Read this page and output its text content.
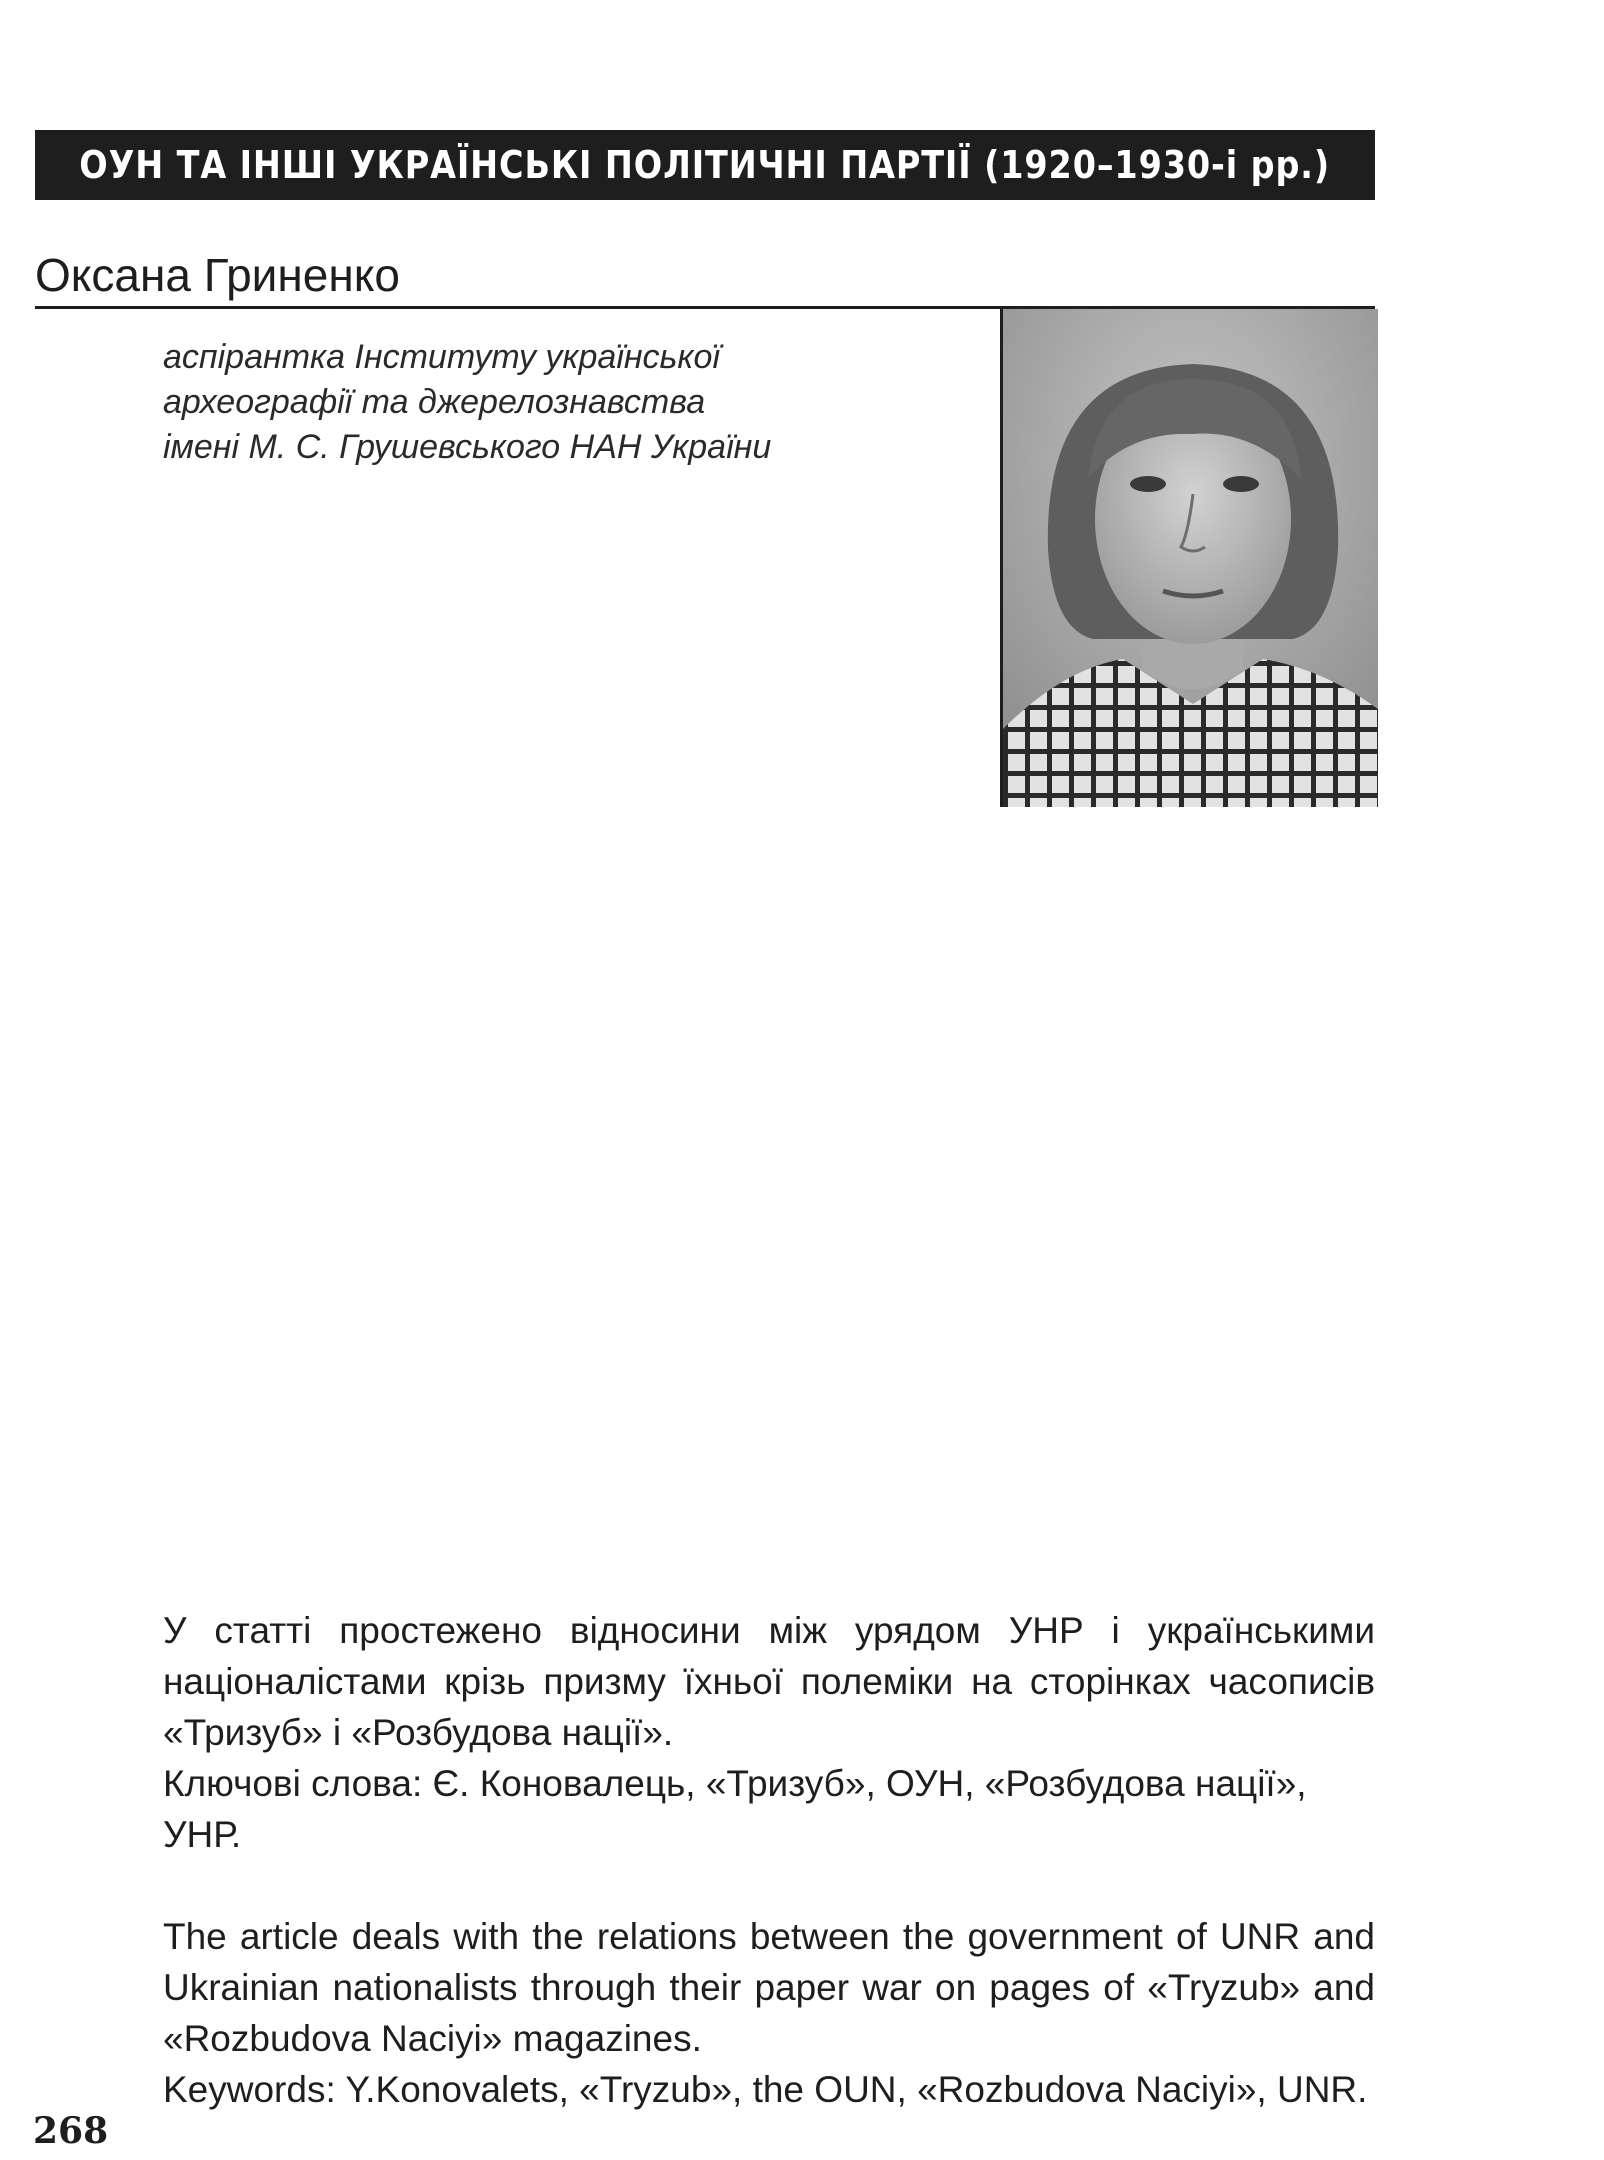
ОУН ТА ІНШІ УКРАЇНСЬКІ ПОЛІТИЧНІ ПАРТІЇ (1920–1930-і рр.)
Оксана Гриненко
аспірантка Інституту української
археографії та джерелознавства
імені М. С. Грушевського НАН України

У статті простежено відносини між урядом УНР і українськими націоналістами крізь призму їхньої полеміки на сторінках часописів «Тризуб» і «Розбудова нації».

Ключові слова: Є. Коновалець, «Тризуб», ОУН, «Розбудова нації», УНР.

The article deals with the relations between the government of UNR and Ukrainian nationalists through their paper war on pages of «Tryzub» and «Rozbudova Naciyi» magazines.

Keywords: Y.Konovalets, «Tryzub», the OUN, «Rozbudova Naciyi», UNR.

268
